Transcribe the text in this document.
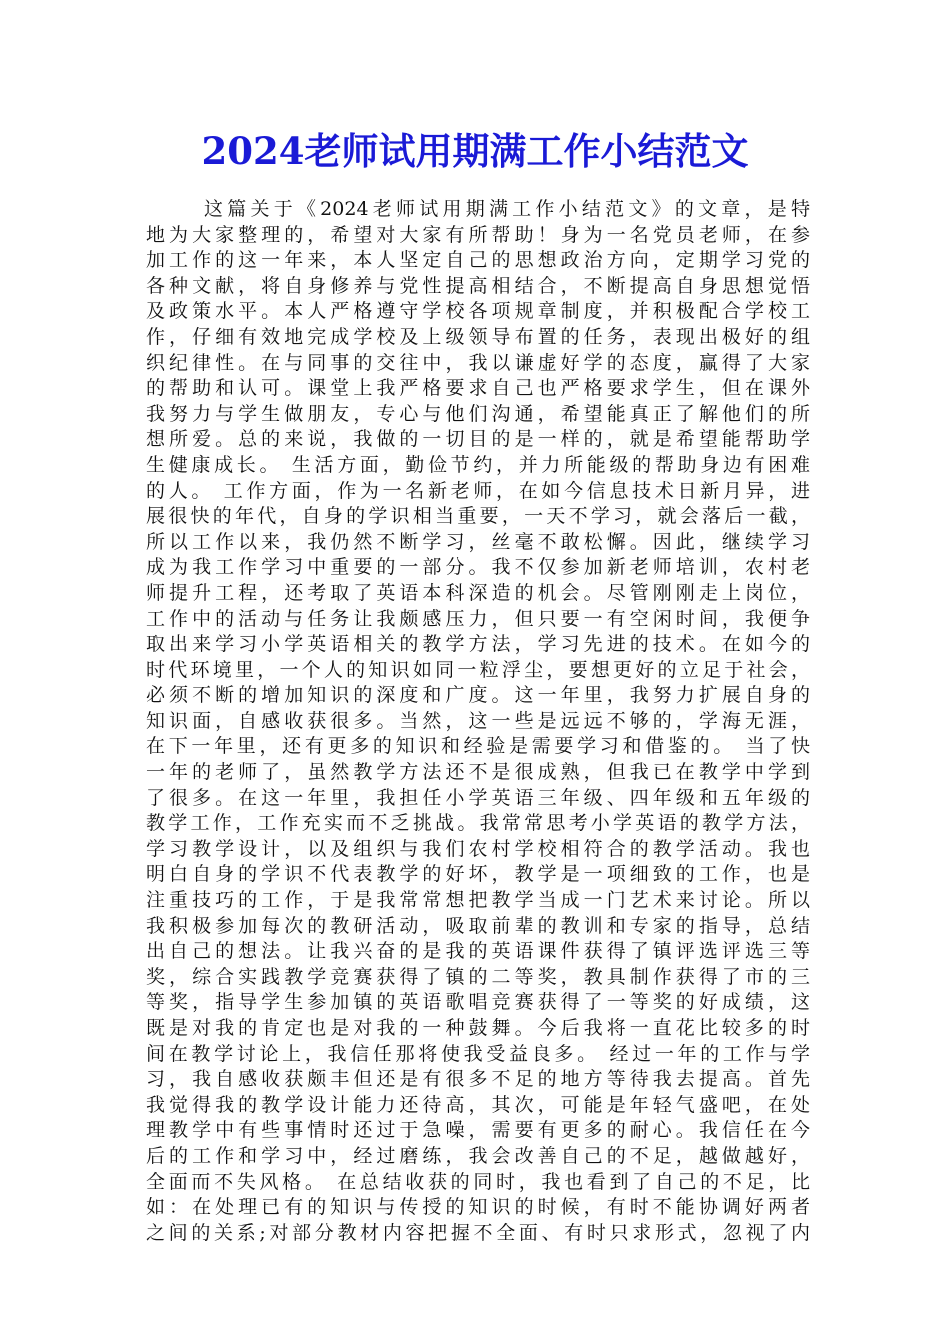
2024老师试用期满工作小结范文
这篇关于《2024老师试用期满工作小结范文》的文章，是特
地为大家整理的，希望对大家有所帮助！身为一名党员老师，在参
加工作的这一年来，本人坚定自己的思想政治方向，定期学习党的
各种文献，将自身修养与党性提高相结合，不断提高自身思想觉悟
及政策水平。本人严格遵守学校各项规章制度，并积极配合学校工
作，仔细有效地完成学校及上级领导布置的任务，表现出极好的组
织纪律性。在与同事的交往中，我以谦虚好学的态度，赢得了大家
的帮助和认可。课堂上我严格要求自己也严格要求学生，但在课外
我努力与学生做朋友，专心与他们沟通，希望能真正了解他们的所
想所爱。总的来说，我做的一切目的是一样的，就是希望能帮助学
生健康成长。 生活方面，勤俭节约，并力所能级的帮助身边有困难
的人。 工作方面，作为一名新老师，在如今信息技术日新月异，进
展很快的年代，自身的学识相当重要，一天不学习，就会落后一截，
所以工作以来，我仍然不断学习，丝毫不敢松懈。因此，继续学习
成为我工作学习中重要的一部分。我不仅参加新老师培训，农村老
师提升工程，还考取了英语本科深造的机会。尽管刚刚走上岗位，
工作中的活动与任务让我颇感压力，但只要一有空闲时间，我便争
取出来学习小学英语相关的教学方法，学习先进的技术。在如今的
时代环境里，一个人的知识如同一粒浮尘，要想更好的立足于社会，
必须不断的增加知识的深度和广度。这一年里，我努力扩展自身的
知识面，自感收获很多。当然，这一些是远远不够的，学海无涯，
在下一年里，还有更多的知识和经验是需要学习和借鉴的。 当了快
一年的老师了，虽然教学方法还不是很成熟，但我已在教学中学到
了很多。在这一年里，我担任小学英语三年级、四年级和五年级的
教学工作，工作充实而不乏挑战。我常常思考小学英语的教学方法，
学习教学设计，以及组织与我们农村学校相符合的教学活动。我也
明白自身的学识不代表教学的好坏，教学是一项细致的工作，也是
注重技巧的工作，于是我常常想把教学当成一门艺术来讨论。所以
我积极参加每次的教研活动，吸取前辈的教训和专家的指导，总结
出自己的想法。让我兴奋的是我的英语课件获得了镇评选评选三等
奖，综合实践教学竞赛获得了镇的二等奖，教具制作获得了市的三
等奖，指导学生参加镇的英语歌唱竞赛获得了一等奖的好成绩，这
既是对我的肯定也是对我的一种鼓舞。今后我将一直花比较多的时
间在教学讨论上，我信任那将使我受益良多。 经过一年的工作与学
习，我自感收获颇丰但还是有很多不足的地方等待我去提高。首先
我觉得我的教学设计能力还待高，其次，可能是年轻气盛吧，在处
理教学中有些事情时还过于急噪，需要有更多的耐心。我信任在今
后的工作和学习中，经过磨练，我会改善自己的不足，越做越好，
全面而不失风格。 在总结收获的同时，我也看到了自己的不足，比
如：在处理已有的知识与传授的知识的时候，有时不能协调好两者
之间的关系;对部分教材内容把握不全面、有时只求形式，忽视了内
